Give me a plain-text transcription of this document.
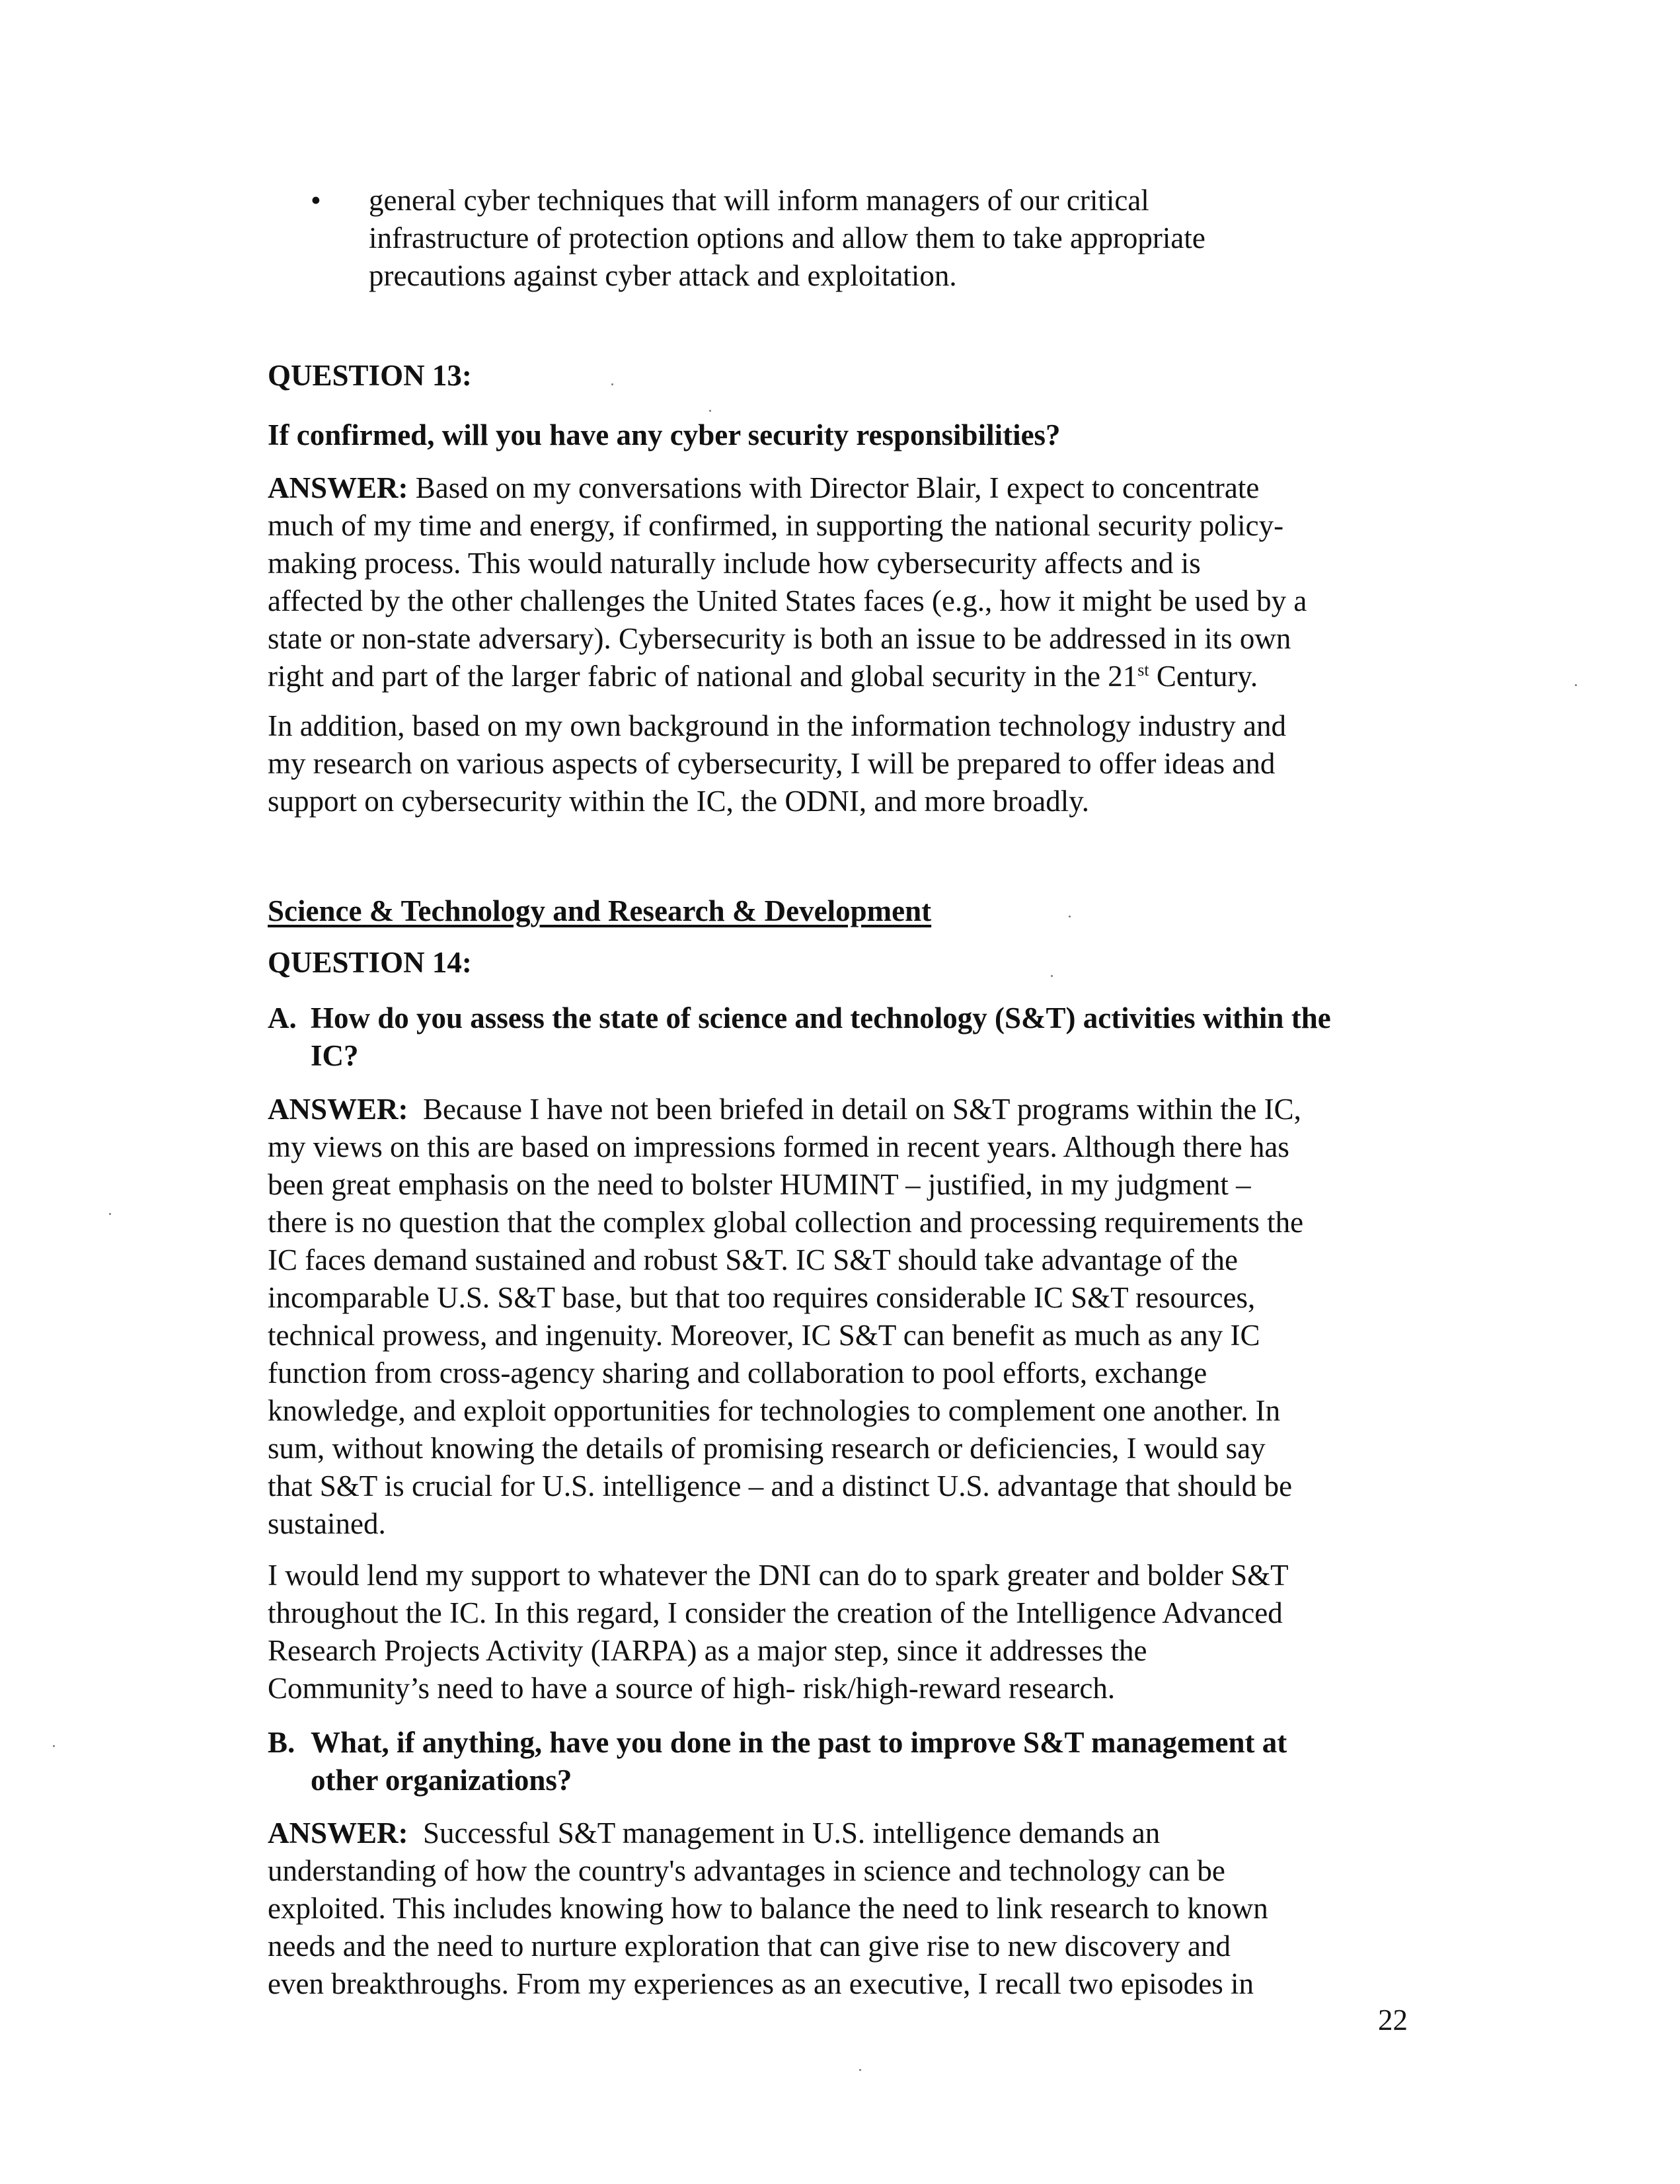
•	general cyber techniques that will inform managers of our critical

infrastructure of protection options and allow them to take appropriate

precautions against cyber attack and exploitation.

QUESTION 13:

If confirmed, will you have any cyber security responsibilities?

ANSWER: Based on my conversations with Director Blair, I expect to concentrate

much of my time and energy, if confirmed, in supporting the national security policy-

making process. This would naturally include how cybersecurity affects and is

affected by the other challenges the United States faces (e.g., how it might be used by a

state or non-state adversary). Cybersecurity is both an issue to be addressed in its own

right and part of the larger fabric of national and global security in the 21st Century.

In addition, based on my own background in the information technology industry and

my research on various aspects of cybersecurity, I will be prepared to offer ideas and

support on cybersecurity within the IC, the ODNI, and more broadly.

Science & Technology and Research & Development

QUESTION 14:

A. How do you assess the state of science and technology (S&T) activities within the

IC?

ANSWER:  Because I have not been briefed in detail on S&T programs within the IC,

my views on this are based on impressions formed in recent years. Although there has

been great emphasis on the need to bolster HUMINT – justified, in my judgment –

there is no question that the complex global collection and processing requirements the

IC faces demand sustained and robust S&T. IC S&T should take advantage of the

incomparable U.S. S&T base, but that too requires considerable IC S&T resources,

technical prowess, and ingenuity. Moreover, IC S&T can benefit as much as any IC

function from cross-agency sharing and collaboration to pool efforts, exchange

knowledge, and exploit opportunities for technologies to complement one another. In

sum, without knowing the details of promising research or deficiencies, I would say

that S&T is crucial for U.S. intelligence – and a distinct U.S. advantage that should be

sustained.

I would lend my support to whatever the DNI can do to spark greater and bolder S&T

throughout the IC. In this regard, I consider the creation of the Intelligence Advanced

Research Projects Activity (IARPA) as a major step, since it addresses the

Community’s need to have a source of high- risk/high-reward research.

B. What, if anything, have you done in the past to improve S&T management at

other organizations?

ANSWER:  Successful S&T management in U.S. intelligence demands an

understanding of how the country's advantages in science and technology can be

exploited. This includes knowing how to balance the need to link research to known

needs and the need to nurture exploration that can give rise to new discovery and

even breakthroughs. From my experiences as an executive, I recall two episodes in

22
